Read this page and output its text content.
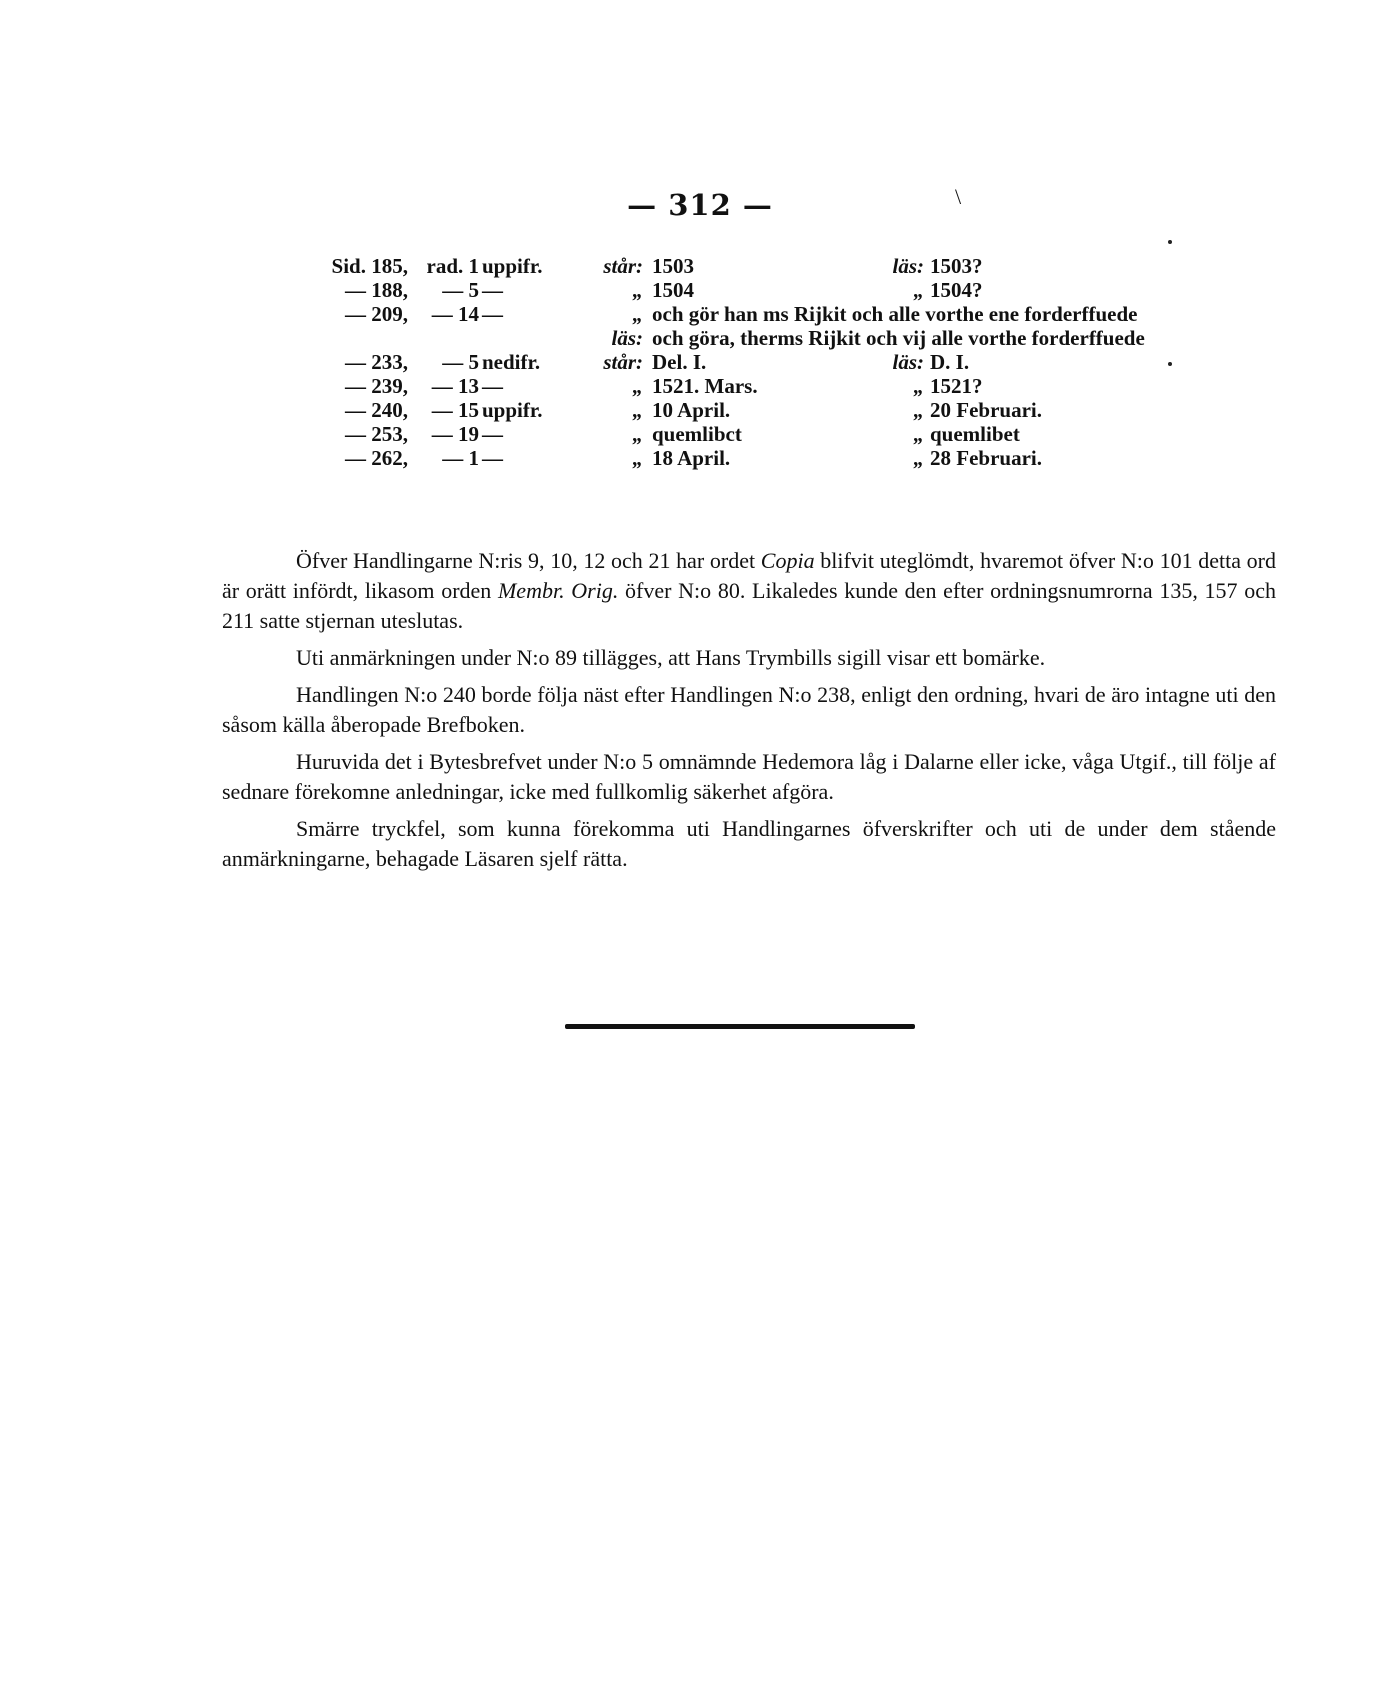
— 312 —	\
Sid. 185, rad. 1 uppifr.	står: 1503	läs: 1503?
— 188,	— 5 —	„ 1504	„ 1504?
— 209,	— 14 —	„ och gör han ms Rijkit och alle vorthe ene forderffuede
läs: och göra, therms Rijkit och vij alle vorthe forderffuede
— 233,	— 5 nedifr.	står: Del. I.	läs: D. I.
— 239,	— 13 —	„ 1521. Mars.	„ 1521?
— 240,	— 15 uppifr.	„ 10 April.	„ 20 Februari.
— 253,	— 19 —	„ quemlibct	„ quemlibet
— 262,	— 1 —	„ 18 April.	„ 28 Februari.

Öfver Handlingarne N:ris 9, 10, 12 och 21 har ordet Copia blifvit uteglömdt, hvaremot öfver N:o 101 detta ord är orätt infördt, likasom orden Membr. Orig. öfver N:o 80. Likaledes kunde den efter ordningsnumrorna 135, 157 och 211 satte stjernan uteslutas.

Uti anmärkningen under N:o 89 tillägges, att Hans Trymbills sigill visar ett bomärke.

Handlingen N:o 240 borde följa näst efter Handlingen N:o 238, enligt den ordning, hvari de äro intagne uti den såsom källa åberopade Brefboken.

Huruvida det i Bytesbrefvet under N:o 5 omnämnde Hedemora låg i Dalarne eller icke, våga Utgif., till följe af sednare förekomne anledningar, icke med fullkomlig säkerhet afgöra.

Smärre tryckfel, som kunna förekomma uti Handlingarnes öfverskrifter och uti de under dem stående anmärkningarne, behagade Läsaren sjelf rätta.
